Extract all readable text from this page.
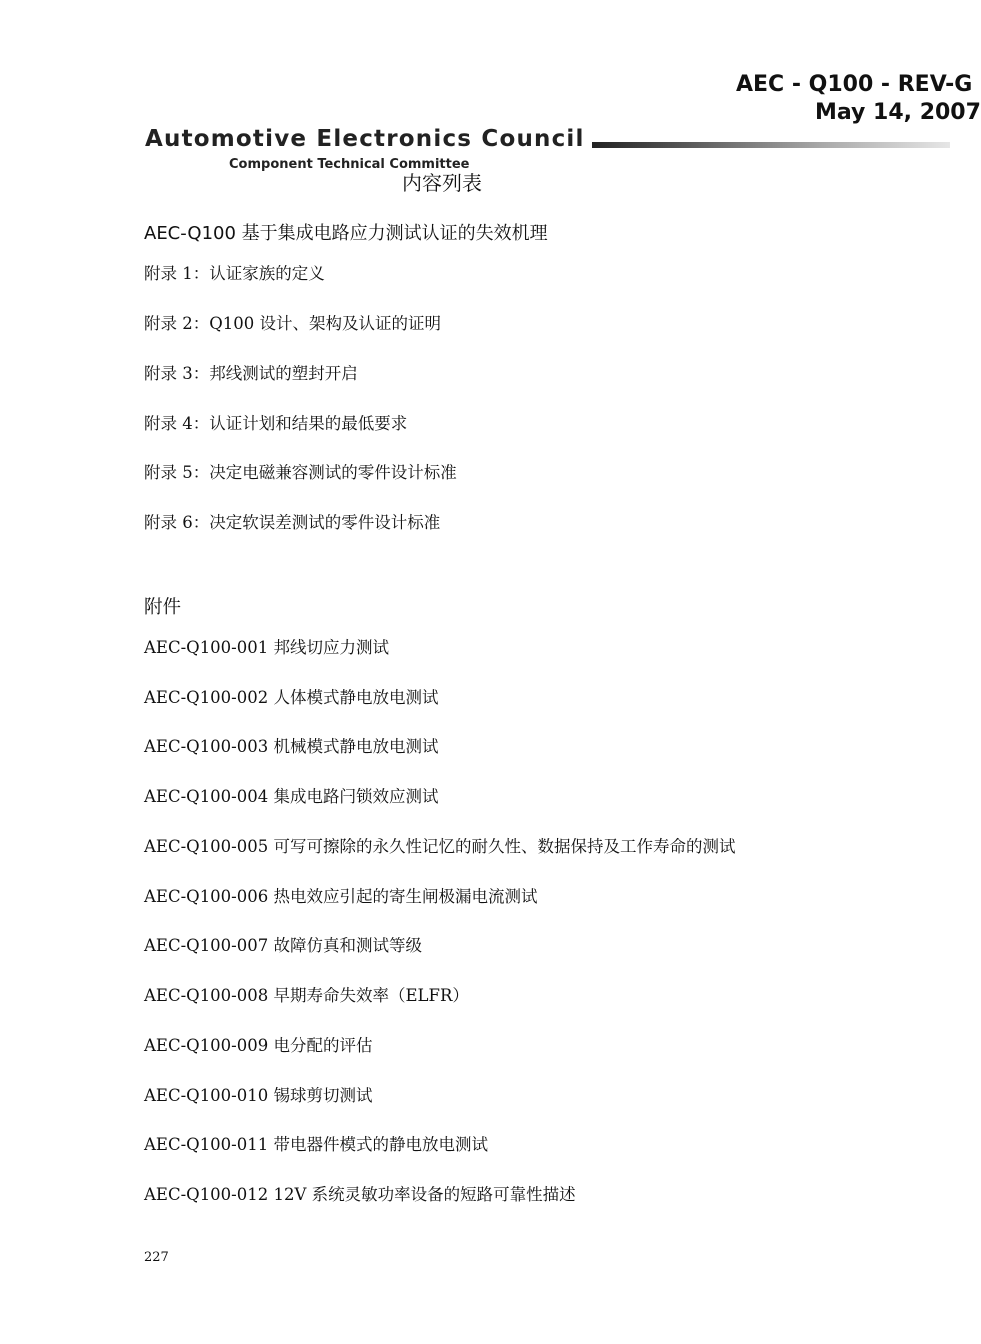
AEC - Q100 - REV-G
May 14, 2007
Automotive Electronics Council
Component Technical Committee
内容列表
AEC-Q100 基于集成电路应力测试认证的失效机理
附录 1：认证家族的定义
附录 2：Q100 设计、架构及认证的证明
附录 3：邦线测试的塑封开启
附录 4：认证计划和结果的最低要求
附录 5：决定电磁兼容测试的零件设计标准
附录 6：决定软误差测试的零件设计标准
附件
AEC-Q100-001 邦线切应力测试
AEC-Q100-002 人体模式静电放电测试
AEC-Q100-003 机械模式静电放电测试
AEC-Q100-004 集成电路闩锁效应测试
AEC-Q100-005 可写可擦除的永久性记忆的耐久性、数据保持及工作寿命的测试
AEC-Q100-006 热电效应引起的寄生闸极漏电流测试
AEC-Q100-007 故障仿真和测试等级
AEC-Q100-008 早期寿命失效率（ELFR）
AEC-Q100-009 电分配的评估
AEC-Q100-010 锡球剪切测试
AEC-Q100-011 带电器件模式的静电放电测试
AEC-Q100-012 12V 系统灵敏功率设备的短路可靠性描述
227
